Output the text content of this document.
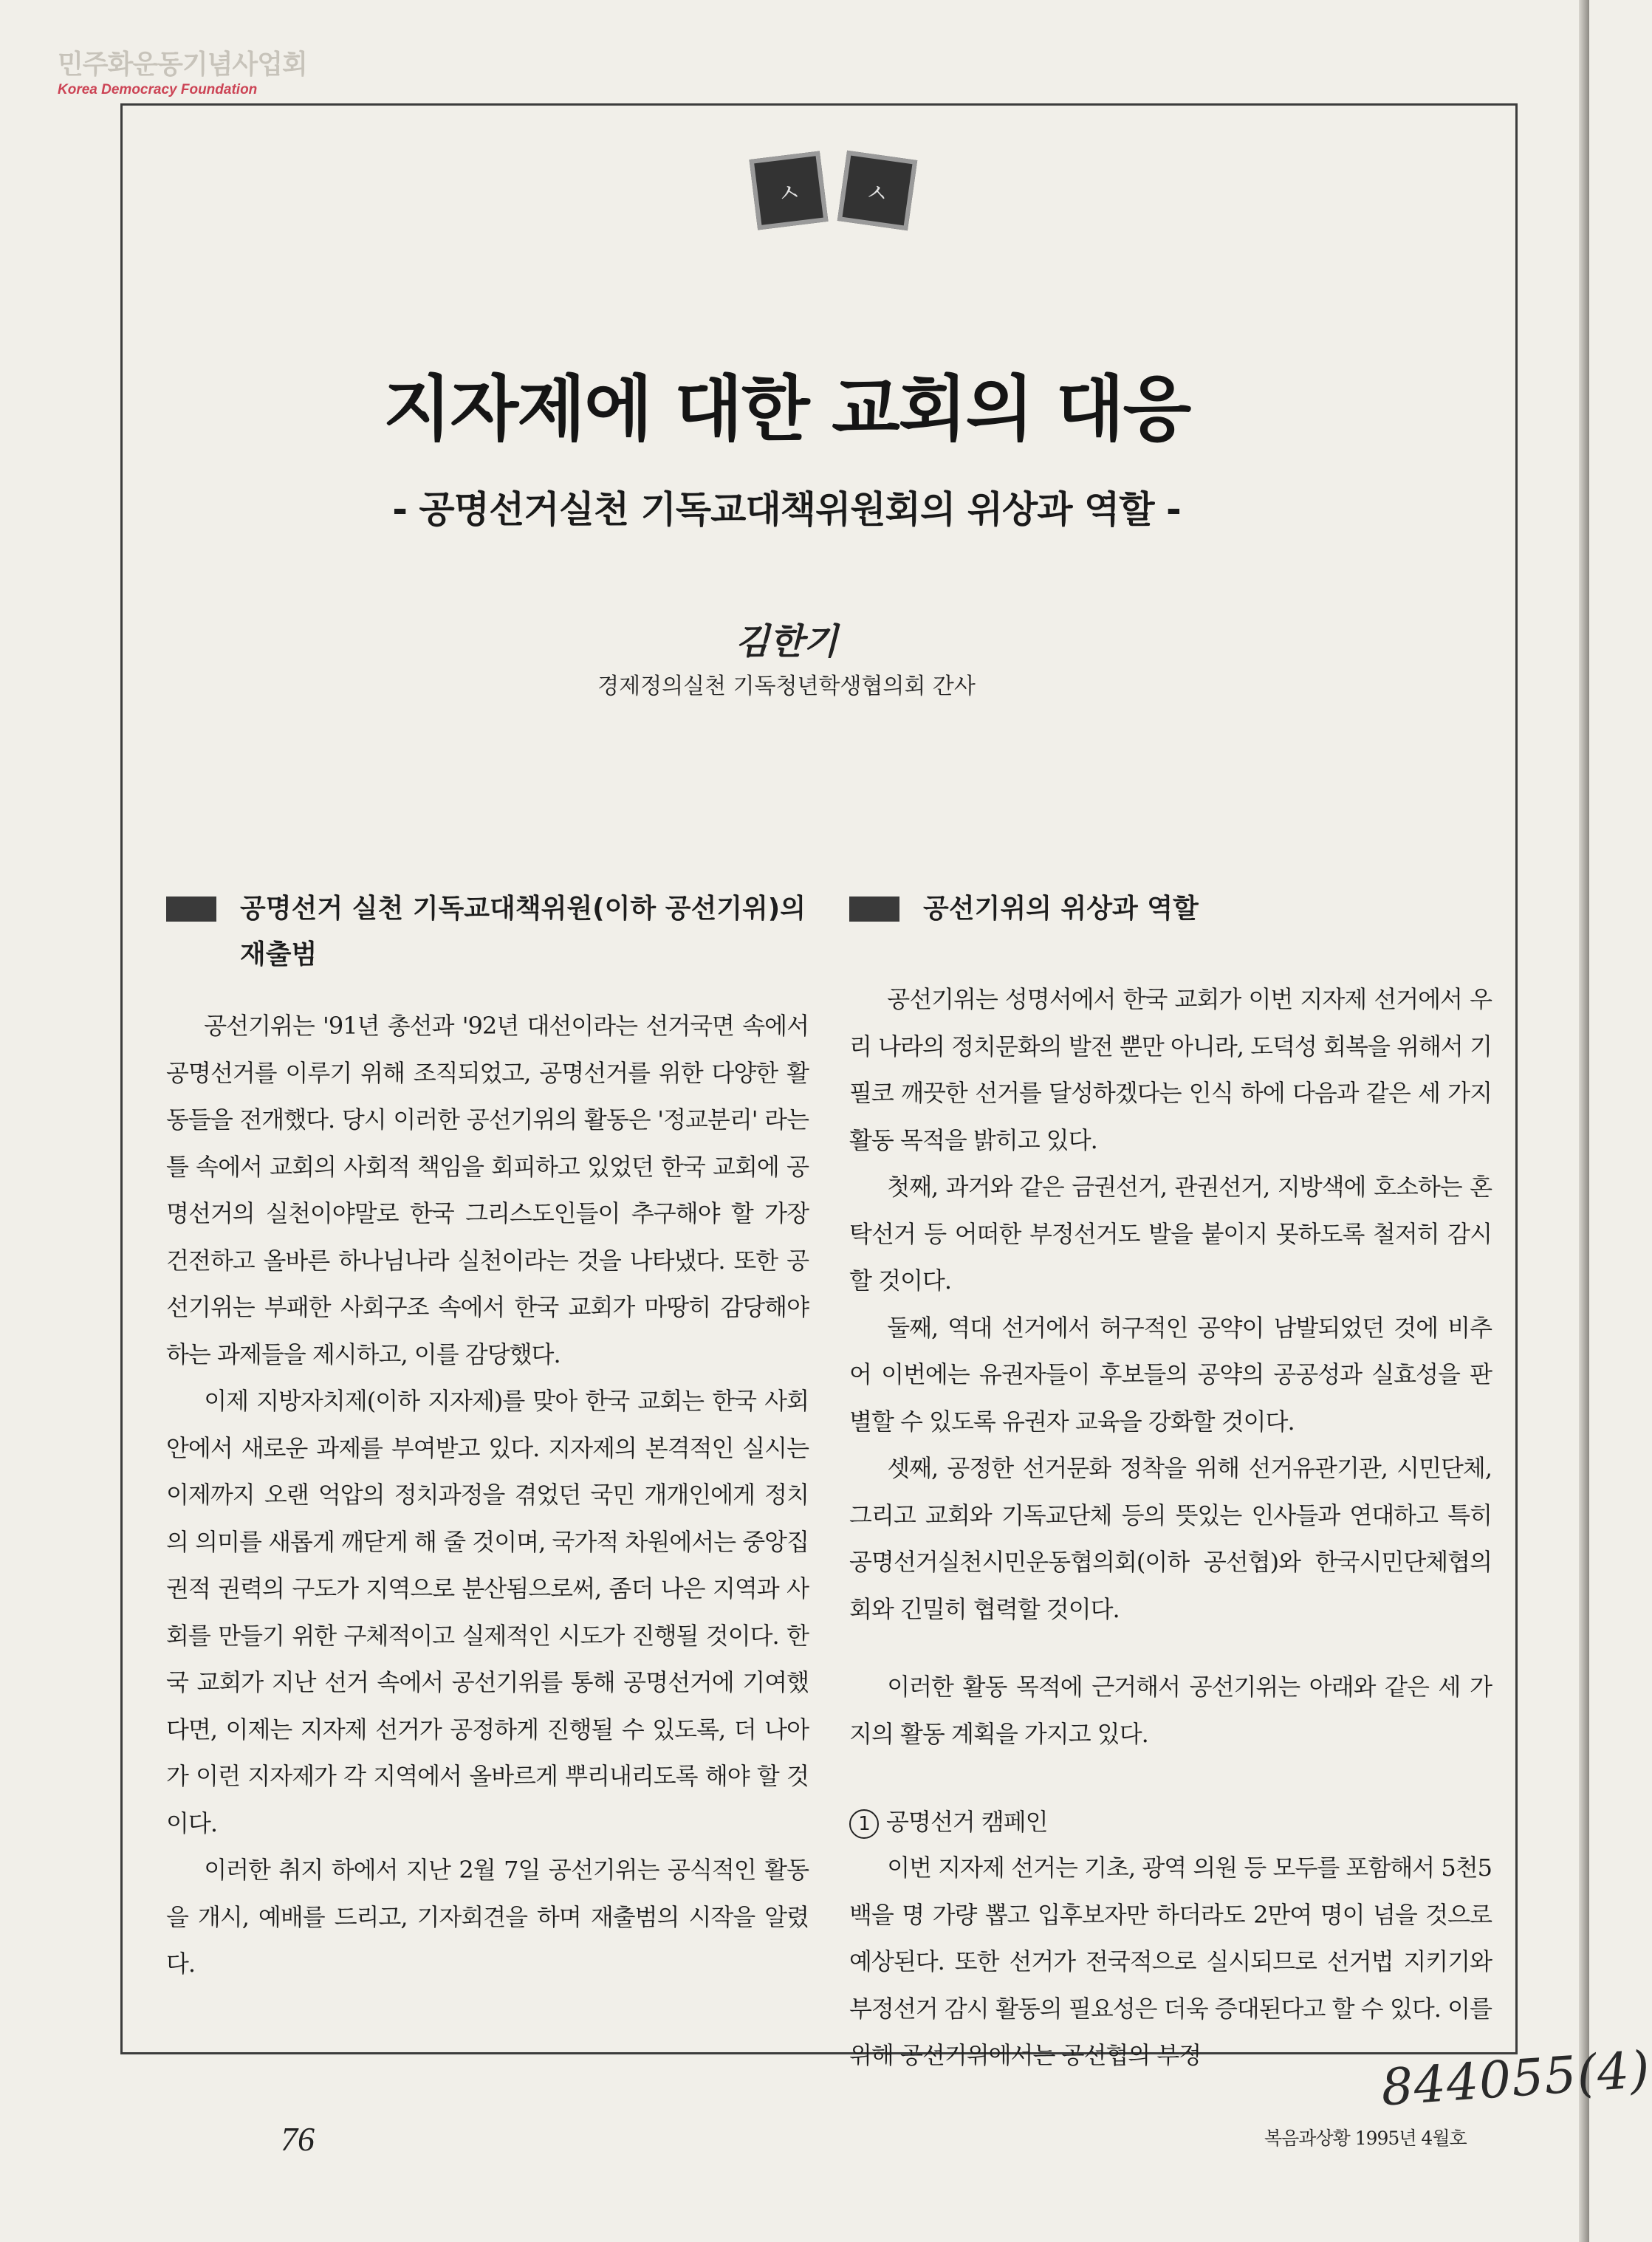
민주화운동기념사업회
Korea Democracy Foundation
ㅅ	ㅅ
지자제에 대한 교회의 대응
- 공명선거실천 기독교대책위원회의 위상과 역할 -
김한기
경제정의실천 기독청년학생협의회 간사
공명선거 실천 기독교대책위원(이하 공선기위)의 재출범

공선기위는 '91년 총선과 '92년 대선이라는 선거국면 속에서 공명선거를 이루기 위해 조직되었고, 공명선거를 위한 다양한 활동들을 전개했다. 당시 이러한 공선기위의 활동은 '정교분리' 라는 틀 속에서 교회의 사회적 책임을 회피하고 있었던 한국 교회에 공명선거의 실천이야말로 한국 그리스도인들이 추구해야 할 가장 건전하고 올바른 하나님나라 실천이라는 것을 나타냈다. 또한 공선기위는 부패한 사회구조 속에서 한국 교회가 마땅히 감당해야 하는 과제들을 제시하고, 이를 감당했다.

이제 지방자치제(이하 지자제)를 맞아 한국 교회는 한국 사회 안에서 새로운 과제를 부여받고 있다. 지자제의 본격적인 실시는 이제까지 오랜 억압의 정치과정을 겪었던 국민 개개인에게 정치의 의미를 새롭게 깨닫게 해 줄 것이며, 국가적 차원에서는 중앙집권적 권력의 구도가 지역으로 분산됨으로써, 좀더 나은 지역과 사회를 만들기 위한 구체적이고 실제적인 시도가 진행될 것이다. 한국 교회가 지난 선거 속에서 공선기위를 통해 공명선거에 기여했다면, 이제는 지자제 선거가 공정하게 진행될 수 있도록, 더 나아가 이런 지자제가 각 지역에서 올바르게 뿌리내리도록 해야 할 것이다.

이러한 취지 하에서 지난 2월 7일 공선기위는 공식적인 활동을 개시, 예배를 드리고, 기자회견을 하며 재출범의 시작을 알렸다.

공선기위의 위상과 역할

공선기위는 성명서에서 한국 교회가 이번 지자제 선거에서 우리 나라의 정치문화의 발전 뿐만 아니라, 도덕성 회복을 위해서 기필코 깨끗한 선거를 달성하겠다는 인식 하에 다음과 같은 세 가지 활동 목적을 밝히고 있다.

첫째, 과거와 같은 금권선거, 관권선거, 지방색에 호소하는 혼탁선거 등 어떠한 부정선거도 발을 붙이지 못하도록 철저히 감시할 것이다.

둘째, 역대 선거에서 허구적인 공약이 남발되었던 것에 비추어 이번에는 유권자들이 후보들의 공약의 공공성과 실효성을 판별할 수 있도록 유권자 교육을 강화할 것이다.

셋째, 공정한 선거문화 정착을 위해 선거유관기관, 시민단체, 그리고 교회와 기독교단체 등의 뜻있는 인사들과 연대하고 특히 공명선거실천시민운동협의회(이하 공선협)와 한국시민단체협의회와 긴밀히 협력할 것이다.

이러한 활동 목적에 근거해서 공선기위는 아래와 같은 세 가지의 활동 계획을 가지고 있다.

1 공명선거 캠페인

이번 지자제 선거는 기초, 광역 의원 등 모두를 포함해서 5천5백을 명 가량 뽑고 입후보자만 하더라도 2만여 명이 넘을 것으로 예상된다. 또한 선거가 전국적으로 실시되므로 선거법 지키기와 부정선거 감시 활동의 필요성은 더욱 증대된다고 할 수 있다. 이를 위해 공선기위에서는 공선협의 부정

76	복음과상황 1995년 4월호
844055(4)
